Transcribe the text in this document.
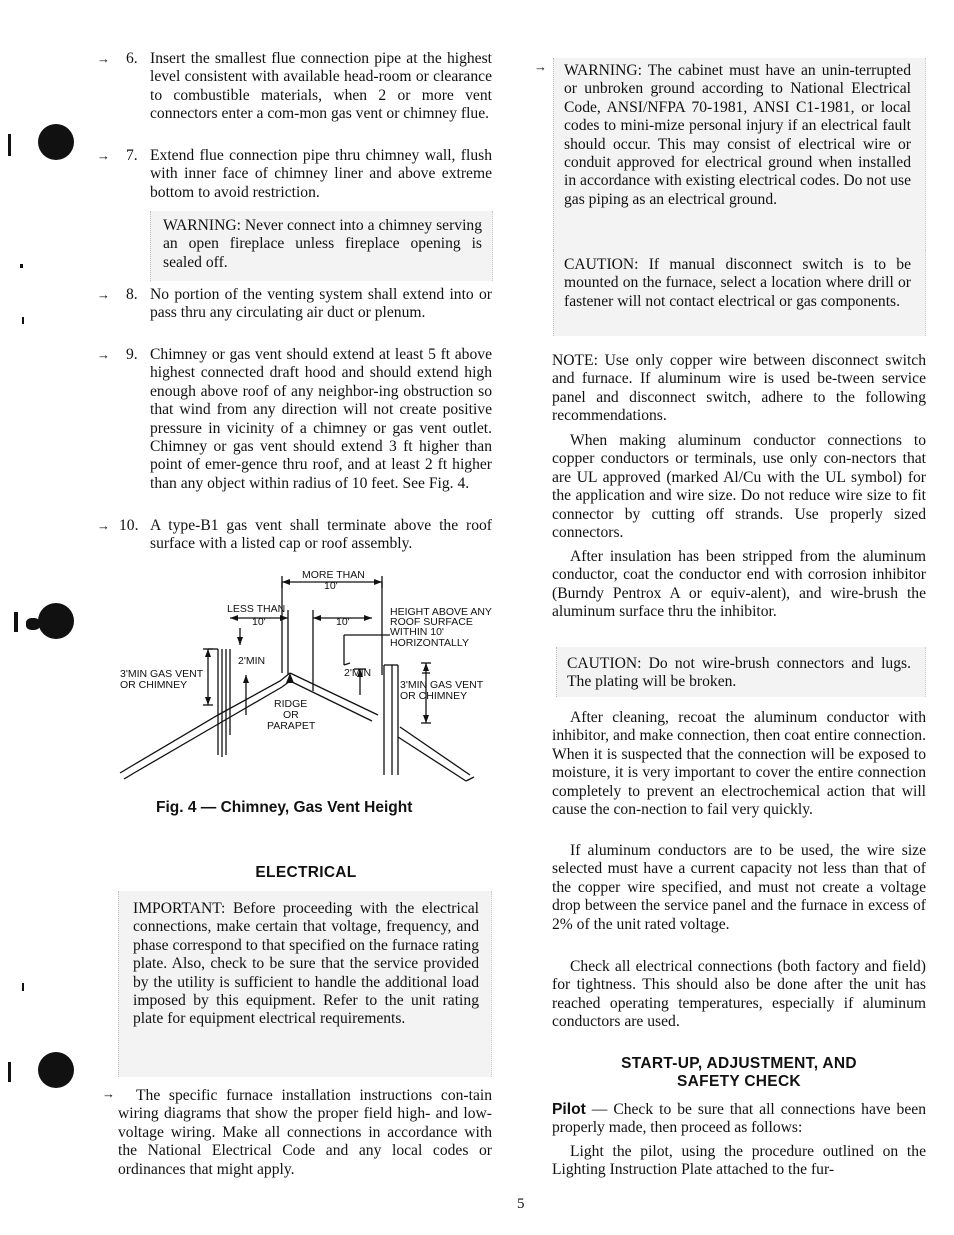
→ 6. Insert the smallest flue connection pipe at the highest level consistent with available head-room or clearance to combustible materials, when 2 or more vent connectors enter a com-mon gas vent or chimney flue.
→ 7. Extend flue connection pipe thru chimney wall, flush with inner face of chimney liner and above extreme bottom to avoid restriction.

WARNING: Never connect into a chimney serving an open fireplace unless fireplace opening is sealed off.

→ 8. No portion of the venting system shall extend into or pass thru any circulating air duct or plenum.
→ 9. Chimney or gas vent should extend at least 5 ft above highest connected draft hood and should extend high enough above roof of any neighbor-ing obstruction so that wind from any direction will not create positive pressure in vicinity of a chimney or gas vent outlet. Chimney or gas vent should extend 3 ft higher than point of emer-gence thru roof, and at least 2 ft higher than any object within radius of 10 feet. See Fig. 4.
→ 10. A type-B1 gas vent shall terminate above the roof surface with a listed cap or roof assembly.
MORE THAN
10'
LESS THAN
10'	10'
HEIGHT ABOVE ANY
ROOF SURFACE
WITHIN 10'
HORIZONTALLY
2'MIN
2'MIN
3'MIN GAS VENT
OR CHIMNEY	3'MIN GAS VENT
OR CHIMNEY
RIDGE
OR
PARAPET
Fig. 4 — Chimney, Gas Vent Height
ELECTRICAL

IMPORTANT: Before proceeding with the electrical connections, make certain that voltage, frequency, and phase correspond to that specified on the furnace rating plate. Also, check to be sure that the service provided by the utility is sufficient to handle the additional load imposed by this equipment. Refer to the unit rating plate for equipment electrical requirements.

→	The specific furnace installation instructions con-tain wiring diagrams that show the proper field high- and low-voltage wiring. Make all connections in accordance with the National Electrical Code and any local codes or ordinances that might apply.
→ WARNING: The cabinet must have an unin-terrupted or unbroken ground according to National Electrical Code, ANSI/NFPA 70-1981, ANSI C1-1981, or local codes to mini-mize personal injury if an electrical fault should occur. This may consist of electrical wire or conduit approved for electrical ground when installed in accordance with existing electrical codes. Do not use gas piping as an electrical ground.

CAUTION: If manual disconnect switch is to be mounted on the furnace, select a location where drill or fastener will not contact electrical or gas components.

NOTE: Use only copper wire between disconnect switch and furnace. If aluminum wire is used be-tween service panel and disconnect switch, adhere to the following recommendations.
When making aluminum conductor connections to copper conductors or terminals, use only con-nectors that are UL approved (marked Al/Cu with the UL symbol) for the application and wire size. Do not reduce wire size to fit connector by cutting off strands. Use properly sized connectors.
After insulation has been stripped from the aluminum conductor, coat the conductor end with corrosion inhibitor (Burndy Pentrox A or equiv-alent), and wire-brush the aluminum surface thru the inhibitor.

CAUTION: Do not wire-brush connectors and lugs. The plating will be broken.

After cleaning, recoat the aluminum conductor with inhibitor, and make connection, then coat entire connection. When it is suspected that the connection will be exposed to moisture, it is very important to cover the entire connection completely to prevent an electrochemical action that will cause the con-nection to fail very quickly.
If aluminum conductors are to be used, the wire size selected must have a current capacity not less than that of the copper wire specified, and must not create a voltage drop between the service panel and the furnace in excess of 2% of the unit rated voltage.
Check all electrical connections (both factory and field) for tightness. This should also be done after the unit has reached operating temperatures, especially if aluminum conductors are used.
START-UP, ADJUSTMENT, AND
SAFETY CHECK
Pilot — Check to be sure that all connections have been properly made, then proceed as follows:
Light the pilot, using the procedure outlined on the Lighting Instruction Plate attached to the fur-
5
